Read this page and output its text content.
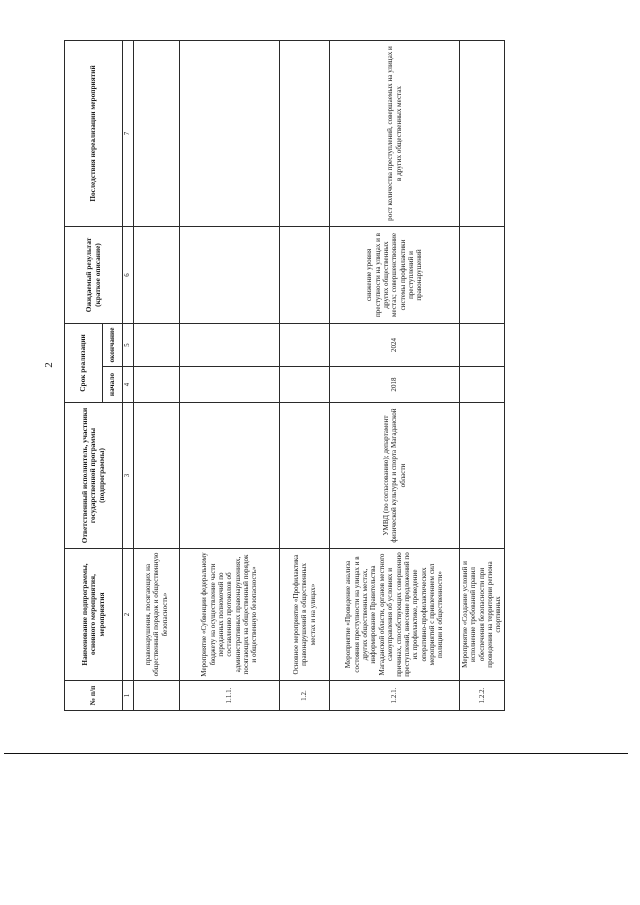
2
№ п/п	Наименование подпрограммы, основного мероприятия, мероприятия	Ответственный исполнитель, участники государственной программы (подпрограммы)	Срок реализации		Ожидаемый результат (краткое описание)	Последствия нереализации мероприятий
			начало	окончание		
1	2	3	4	5	6	7
	правонарушения, посягающих на общественный порядок и общественную безопасность»					
1.1.1.	Мероприятие «Субвенции федеральному бюджету на осуществление части переданных полномочий по составлению протоколов об административных правонарушениях, посягающих на общественный порядок и общественную безопасность»					
1.2.	Основное мероприятие «Профилактика правонарушений в общественных местах и на улицах»					
1.2.1.	Мероприятие «Проведение анализа состояния преступности на улицах и в других общественных местах, информирование Правительства Магаданской области, органов местного самоуправления об условиях и причинах, способствующих совершению преступлений, внесение предложений по их профилактике, проведение оперативно-профилактических мероприятий с привлечением сил полиции и общественности»	УМВД (по согласованию); департамент физической культуры и спорта Магаданской области	2018	2024	снижение уровня преступности на улицах и в других общественных местах; совершенствование системы профилактики преступлений и правонарушений	рост количества преступлений, совершаемых на улицах и в других общественных местах
1.2.2.	Мероприятие «Создание условий и исполнение требований правил обеспечения безопасности при проведении на территории региона спортивных					
